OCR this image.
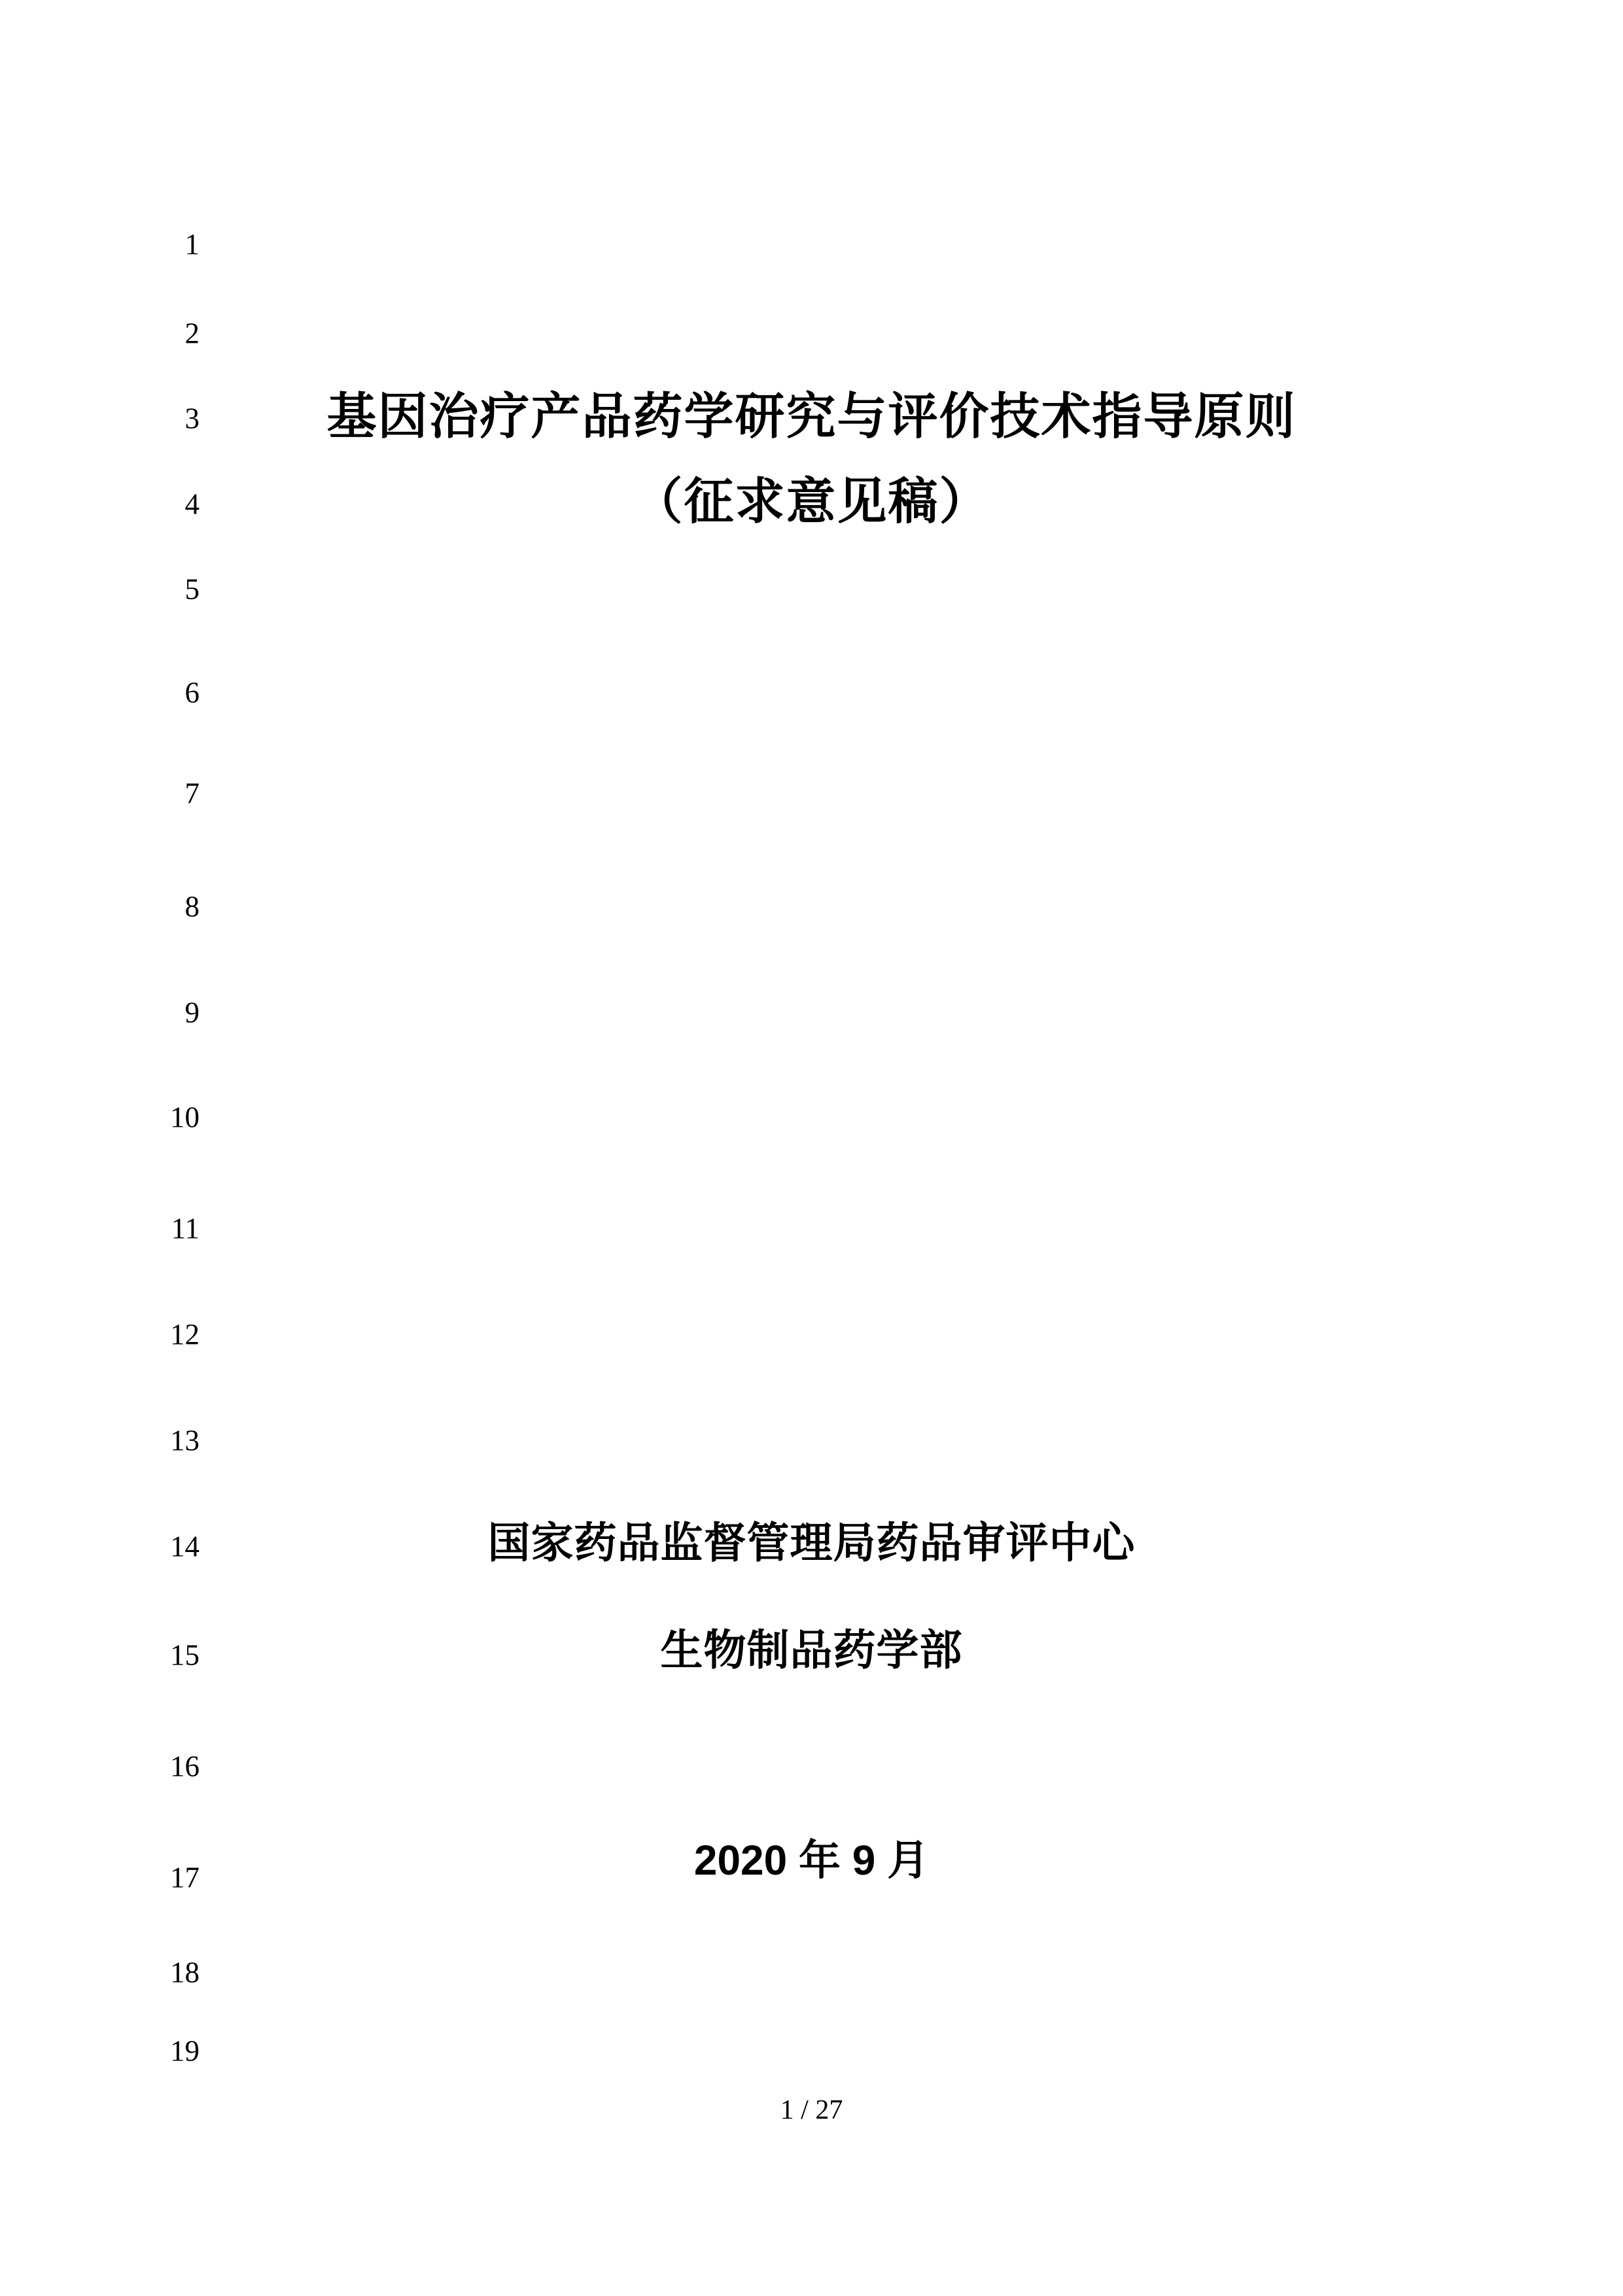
1
2
3
4
5
6
7
8
9
10
11
12
13
14
15
16
17
18
19
基因治疗产品药学研究与评价技术指导原则
（征求意见稿）
国家药品监督管理局药品审评中心
生物制品药学部
2020 年 9 月
1 / 27
